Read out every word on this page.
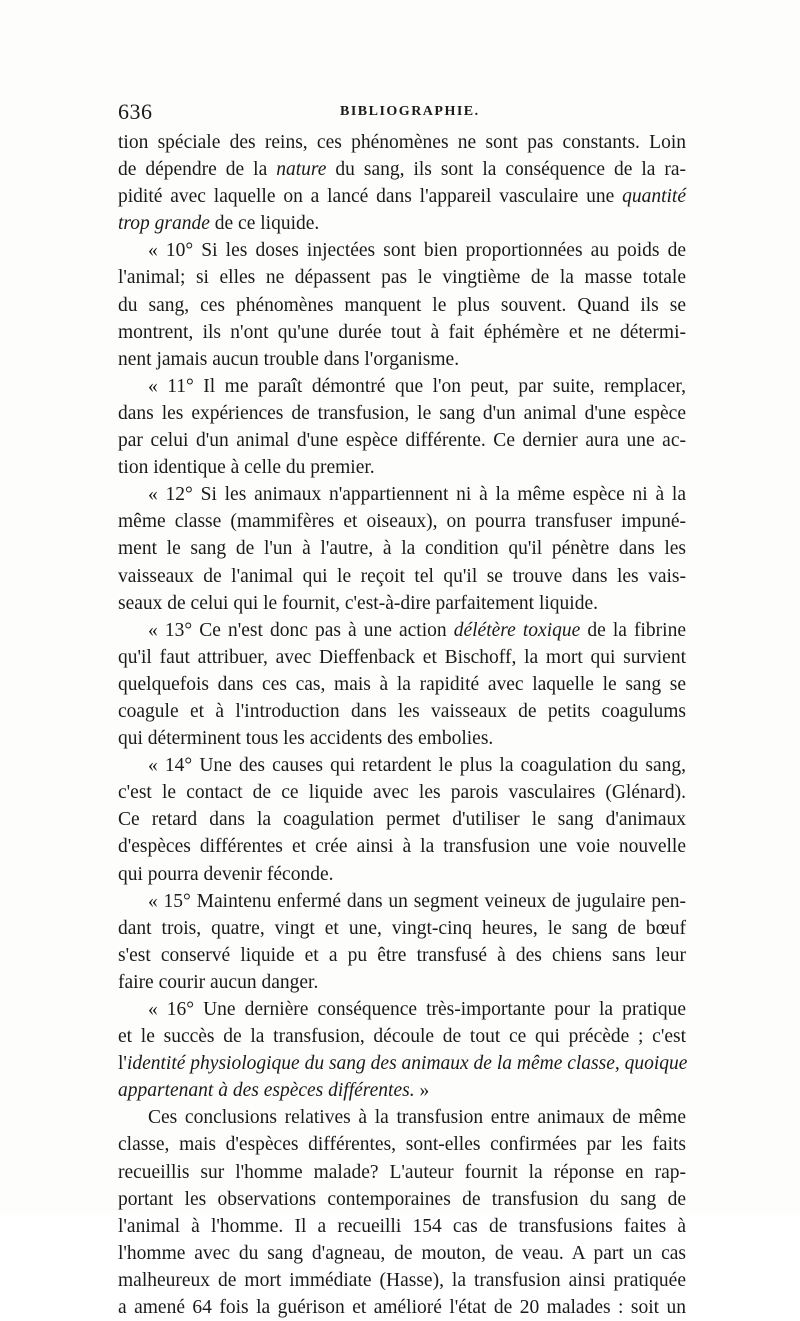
636	BIBLIOGRAPHIE.
tion spéciale des reins, ces phénomènes ne sont pas constants. Loin
de dépendre de la nature du sang, ils sont la conséquence de la ra-
pidité avec laquelle on a lancé dans l'appareil vasculaire une quantité
trop grande de ce liquide.
« 10° Si les doses injectées sont bien proportionnées au poids de
l'animal; si elles ne dépassent pas le vingtième de la masse totale
du sang, ces phénomènes manquent le plus souvent. Quand ils se
montrent, ils n'ont qu'une durée tout à fait éphémère et ne détermi-
nent jamais aucun trouble dans l'organisme.
« 11° Il me paraît démontré que l'on peut, par suite, remplacer,
dans les expériences de transfusion, le sang d'un animal d'une espèce
par celui d'un animal d'une espèce différente. Ce dernier aura une ac-
tion identique à celle du premier.
« 12° Si les animaux n'appartiennent ni à la même espèce ni à la
même classe (mammifères et oiseaux), on pourra transfuser impuné-
ment le sang de l'un à l'autre, à la condition qu'il pénètre dans les
vaisseaux de l'animal qui le reçoit tel qu'il se trouve dans les vais-
seaux de celui qui le fournit, c'est-à-dire parfaitement liquide.
« 13° Ce n'est donc pas à une action délétère toxique de la fibrine
qu'il faut attribuer, avec Dieffenback et Bischoff, la mort qui survient
quelquefois dans ces cas, mais à la rapidité avec laquelle le sang se
coagule et à l'introduction dans les vaisseaux de petits coagulums
qui déterminent tous les accidents des embolies.
« 14° Une des causes qui retardent le plus la coagulation du sang,
c'est le contact de ce liquide avec les parois vasculaires (Glénard).
Ce retard dans la coagulation permet d'utiliser le sang d'animaux
d'espèces différentes et crée ainsi à la transfusion une voie nouvelle
qui pourra devenir féconde.
« 15° Maintenu enfermé dans un segment veineux de jugulaire pen-
dant trois, quatre, vingt et une, vingt-cinq heures, le sang de bœuf
s'est conservé liquide et a pu être transfusé à des chiens sans leur
faire courir aucun danger.
« 16° Une dernière conséquence très-importante pour la pratique
et le succès de la transfusion, découle de tout ce qui précède ; c'est
l'identité physiologique du sang des animaux de la même classe, quoique
appartenant à des espèces différentes. »
Ces conclusions relatives à la transfusion entre animaux de même
classe, mais d'espèces différentes, sont-elles confirmées par les faits
recueillis sur l'homme malade? L'auteur fournit la réponse en rap-
portant les observations contemporaines de transfusion du sang de
l'animal à l'homme. Il a recueilli 154 cas de transfusions faites à
l'homme avec du sang d'agneau, de mouton, de veau. A part un cas
malheureux de mort immédiate (Hasse), la transfusion ainsi pratiquée
a amené 64 fois la guérison et amélioré l'état de 20 malades : soit un
